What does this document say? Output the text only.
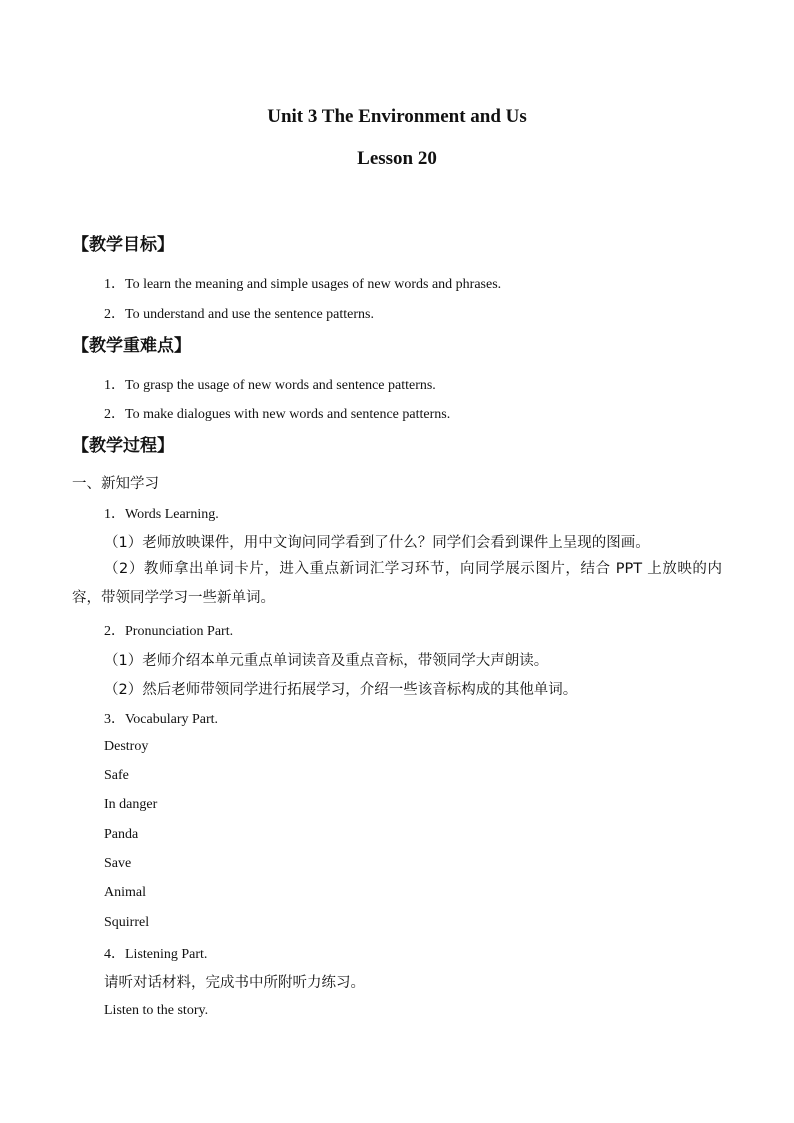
Unit 3 The Environment and Us
Lesson 20
【教学目标】

1．To learn the meaning and simple usages of new words and phrases.

2．To understand and use the sentence patterns.

【教学重难点】

1．To grasp the usage of new words and sentence patterns.

2．To make dialogues with new words and sentence patterns.

【教学过程】

一、新知学习

1．Words Learning.

（1）老师放映课件，用中文询问同学看到了什么？同学们会看到课件上呈现的图画。

（2）教师拿出单词卡片，进入重点新词汇学习环节，向同学展示图片，结合 PPT 上放映的内容，带领同学学习一些新单词。

2．Pronunciation Part.

（1）老师介绍本单元重点单词读音及重点音标，带领同学大声朗读。

（2）然后老师带领同学进行拓展学习，介绍一些该音标构成的其他单词。

3．Vocabulary Part.

Destroy

Safe

In danger

Panda

Save

Animal

Squirrel

4．Listening Part.

请听对话材料，完成书中所附听力练习。

Listen to the story.
